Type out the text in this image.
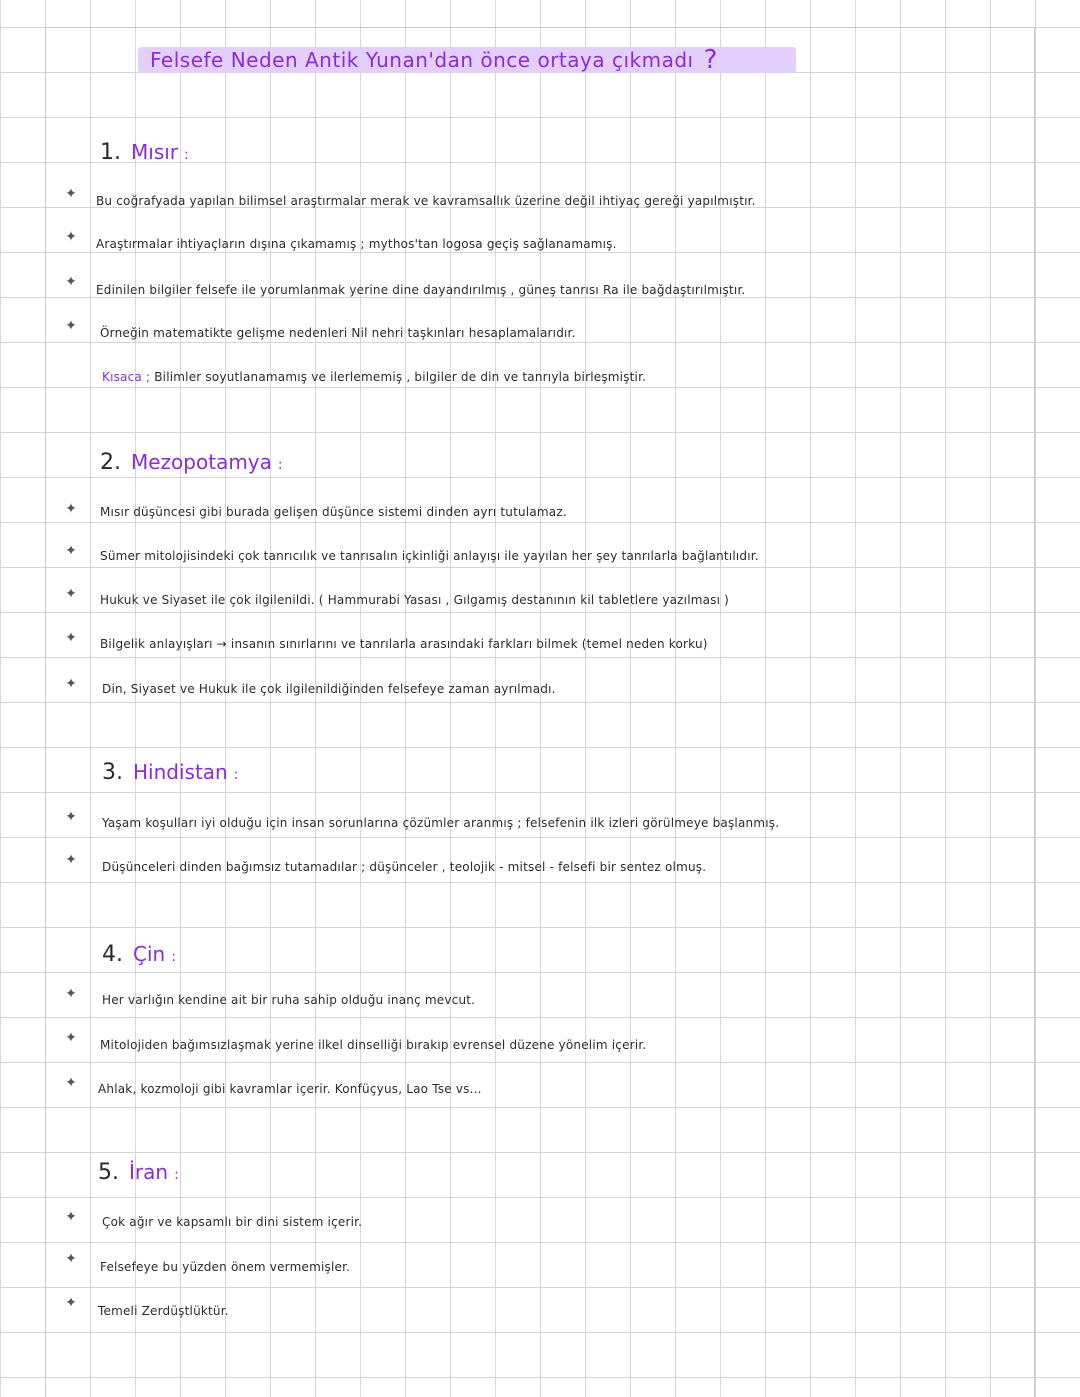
Felsefe Neden Antik Yunan'dan önce ortaya çıkmadı ?
1. Mısır :
✦ Bu coğrafyada yapılan bilimsel araştırmalar merak ve kavramsallık üzerine değil ihtiyaç gereği yapılmıştır.
✦ Araştırmalar ihtiyaçların dışına çıkamamış ; mythos'tan logosa geçiş sağlanamamış.
✦ Edinilen bilgiler felsefe ile yorumlanmak yerine dine dayandırılmış , güneş tanrısı Ra ile bağdaştırılmıştır.
✦ Örneğin matematikte gelişme nedenleri Nil nehri taşkınları hesaplamalarıdır.
Kısaca ; Bilimler soyutlanamamış ve ilerlememiş , bilgiler de din ve tanrıyla birleşmiştir.
2. Mezopotamya :
✦ Mısır düşüncesi gibi burada gelişen düşünce sistemi dinden ayrı tutulamaz.
✦ Sümer mitolojisindeki çok tanrıcılık ve tanrısalın içkinliği anlayışı ile yayılan her şey tanrılarla bağlantılıdır.
✦ Hukuk ve Siyaset ile çok ilgilenildi. ( Hammurabi Yasası , Gılgamış destanının kil tabletlere yazılması )
✦ Bilgelik anlayışları → insanın sınırlarını ve tanrılarla arasındaki farkları bilmek (temel neden korku)
✦ Din, Siyaset ve Hukuk ile çok ilgilenildiğinden felsefeye zaman ayrılmadı.
3. Hindistan :
✦ Yaşam koşulları iyi olduğu için insan sorunlarına çözümler aranmış ; felsefenin ilk izleri görülmeye başlanmış.
✦ Düşünceleri dinden bağımsız tutamadılar ; düşünceler , teolojik - mitsel - felsefi bir sentez olmuş.
4. Çin :
✦ Her varlığın kendine ait bir ruha sahip olduğu inanç mevcut.
✦ Mitolojiden bağımsızlaşmak yerine ilkel dinselliği bırakıp evrensel düzene yönelim içerir.
✦ Ahlak, kozmoloji gibi kavramlar içerir. Konfüçyus, Lao Tse vs...
5. İran :
✦ Çok ağır ve kapsamlı bir dini sistem içerir.
✦ Felsefeye bu yüzden önem vermemişler.
✦ Temeli Zerdüştlüktür.
